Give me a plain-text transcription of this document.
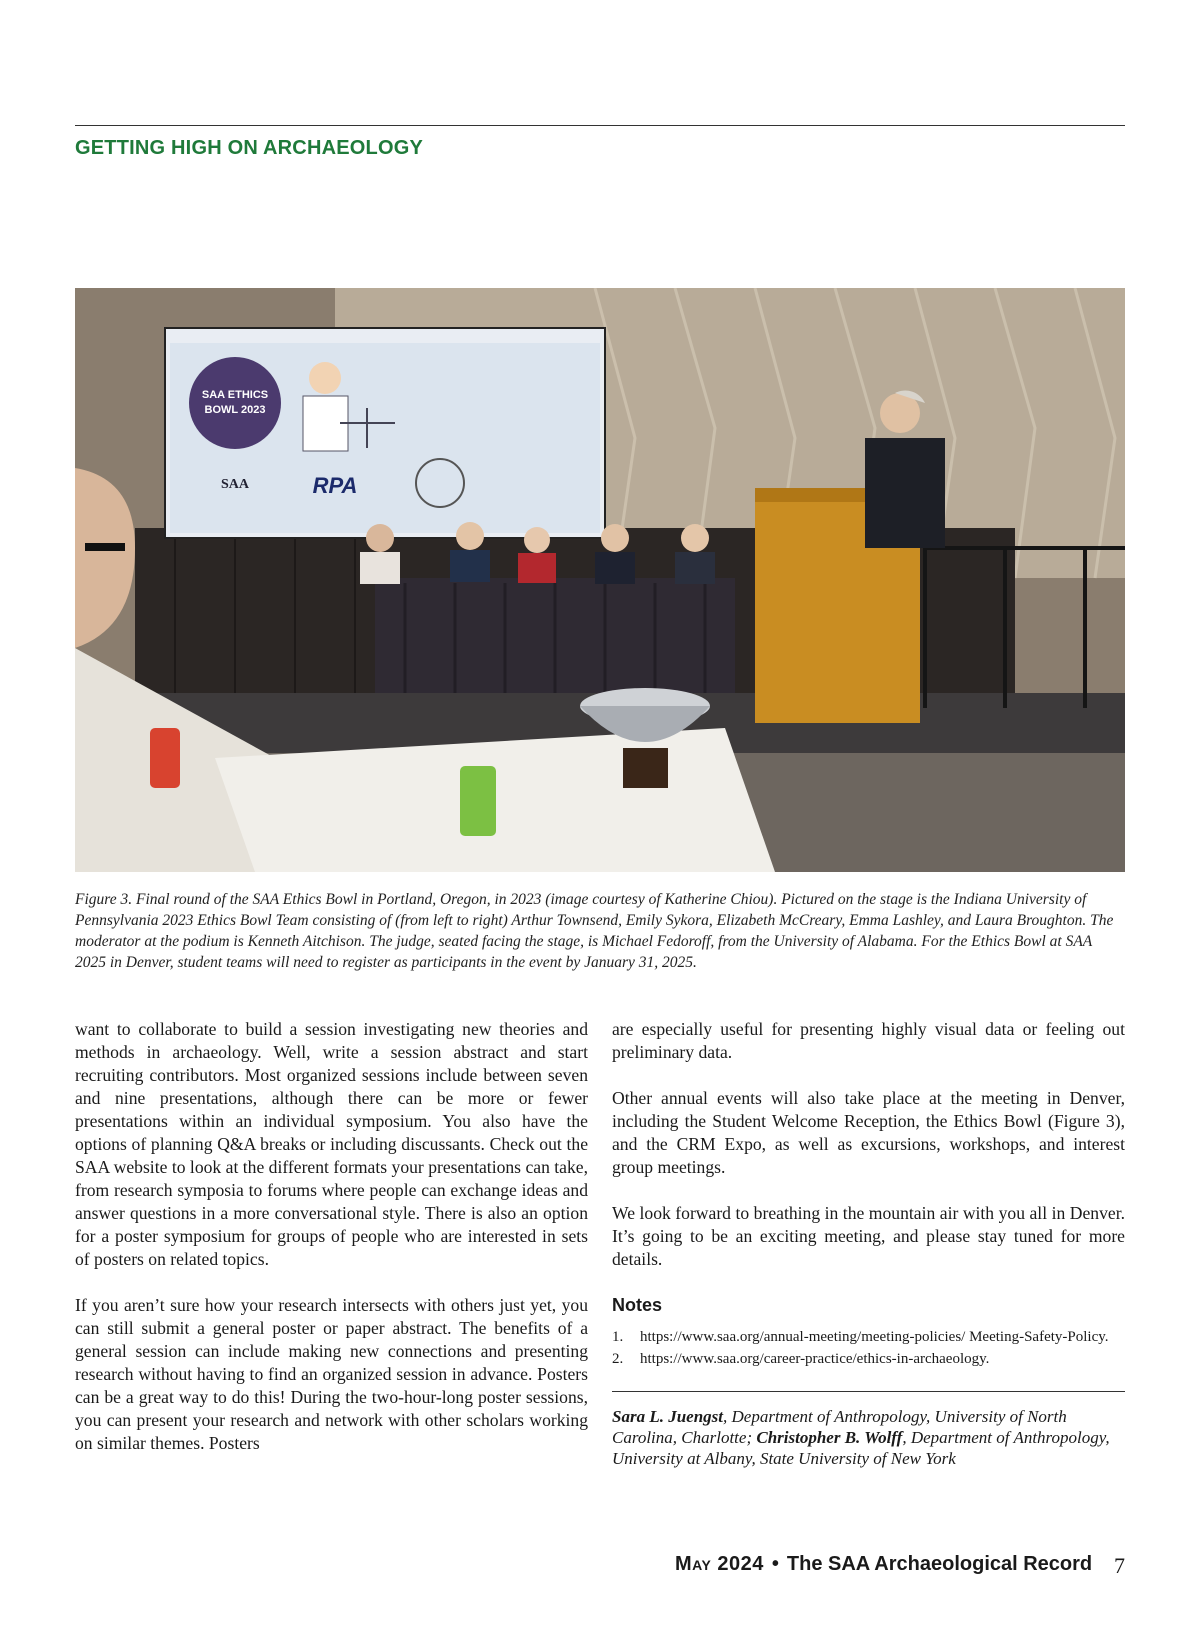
GETTING HIGH ON ARCHAEOLOGY
SAA ETHICS
BOWL 2023
SAA	RPA
Figure 3. Final round of the SAA Ethics Bowl in Portland, Oregon, in 2023 (image courtesy of Katherine Chiou). Pictured on the stage is the Indiana University of Pennsylvania 2023 Ethics Bowl Team consisting of (from left to right) Arthur Townsend, Emily Sykora, Elizabeth McCreary, Emma Lashley, and Laura Broughton. The moderator at the podium is Kenneth Aitchison. The judge, seated facing the stage, is Michael Fedoroff, from the University of Alabama. For the Ethics Bowl at SAA 2025 in Denver, student teams will need to register as participants in the event by January 31, 2025.

want to collaborate to build a session investigating new theories and methods in archaeology. Well, write a session abstract and start recruiting contributors. Most organized sessions include between seven and nine presentations, although there can be more or fewer presentations within an individual symposium. You also have the options of planning Q&A breaks or including discussants. Check out the SAA website to look at the different formats your presentations can take, from research symposia to forums where people can exchange ideas and answer questions in a more conversational style. There is also an option for a poster symposium for groups of people who are interested in sets of posters on related topics.

If you aren’t sure how your research intersects with others just yet, you can still submit a general poster or paper abstract. The benefits of a general session can include making new connections and presenting research without having to find an organized session in advance. Posters can be a great way to do this! During the two-hour-long poster sessions, you can present your research and network with other scholars working on similar themes. Posters

are especially useful for presenting highly visual data or feeling out preliminary data.

Other annual events will also take place at the meeting in Denver, including the Student Welcome Reception, the Ethics Bowl (Figure 3), and the CRM Expo, as well as excursions, workshops, and interest group meetings.

We look forward to breathing in the mountain air with you all in Denver. It’s going to be an exciting meeting, and please stay tuned for more details.

Notes
1. https://www.saa.org/annual-meeting/meeting-policies/ Meeting-Safety-Policy.
2. https://www.saa.org/career-practice/ethics-in-archaeology.
Sara L. Juengst, Department of Anthropology, University of North Carolina, Charlotte; Christopher B. Wolff, Department of Anthropology, University at Albany, State University of New York
May 2024 • The SAA Archaeological Record 7
